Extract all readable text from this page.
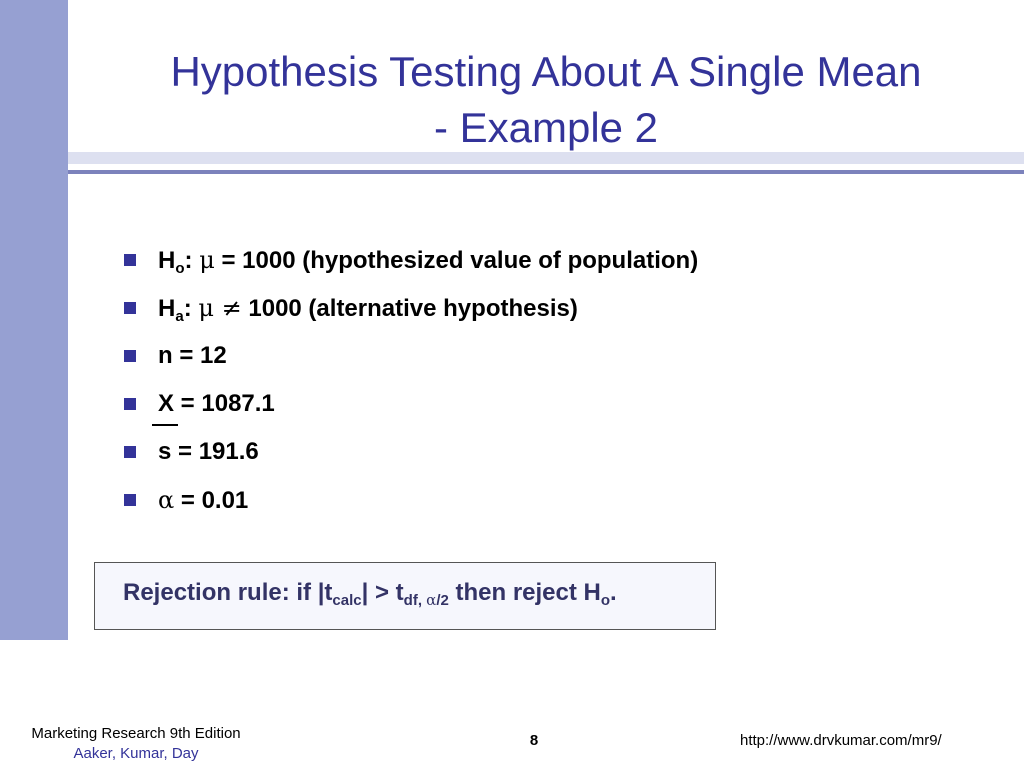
Hypothesis Testing About A Single Mean
- Example 2
$H_o$: μ = 1000 (hypothesized value of population)
$H_a$: μ ≠ 1000 (alternative hypothesis)
n = 12
X
= 1087.1
s = 191.6
α = 0.01
Rejection rule: if $|t_{calc}| > t_{df, \alpha/2}$ then reject $H_o$.
Marketing Research 9th Edition
Aaker, Kumar, Day
8	http://www.drvkumar.com/mr9/
